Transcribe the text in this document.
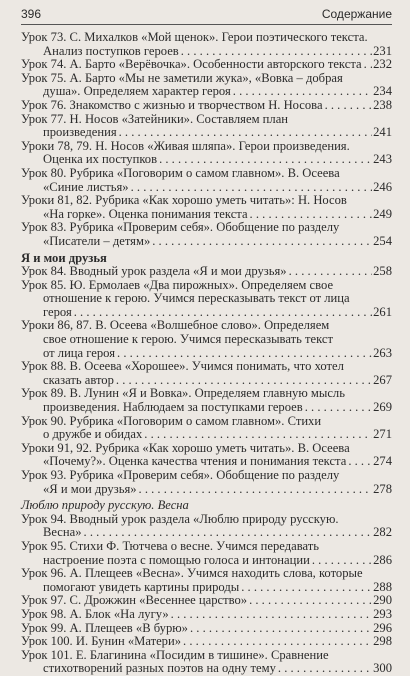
396	Содержание
Урок 73. С. Михалков «Мой щенок». Герои поэтического текста.
Анализ поступков героев . . .	231
Урок 74. А. Барто «Верёвочка». Особенности авторского текста . . . 232
Урок 75. А. Барто «Мы не заметили жука», «Вовка – добрая
душа». Определяем характер героя . . .	234
Урок 76. Знакомство с жизнью и творчеством Н. Носова . . .	238
Урок 77. Н. Носов «Затейники». Составляем план
произведения . . .	241
Уроки 78, 79. Н. Носов «Живая шляпа». Герои произведения.
Оценка их поступков . . .	243
Урок 80. Рубрика «Поговорим о самом главном». В. Осеева
«Синие листья» . . .	246
Уроки 81, 82. Рубрика «Как хорошо уметь читать»: Н. Носов
«На горке». Оценка понимания текста . . .	249
Урок 83. Рубрика «Проверим себя». Обобщение по разделу
«Писатели – детям» . . .	254
Я и мои друзья
Урок 84. Вводный урок раздела «Я и мои друзья» . . .	258
Урок 85. Ю. Ермолаев «Два пирожных». Определяем свое
отношение к герою. Учимся пересказывать текст от лица
героя . . .	261
Уроки 86, 87. В. Осеева «Волшебное слово». Определяем
свое отношение к герою. Учимся пересказывать текст
от лица героя . . .	263
Урок 88. В. Осеева «Хорошее». Учимся понимать, что хотел
сказать автор . . .	267
Урок 89. В. Лунин «Я и Вовка». Определяем главную мысль
произведения. Наблюдаем за поступками героев . . .	269
Урок 90. Рубрика «Поговорим о самом главном». Стихи
о дружбе и обидах . . .	271
Уроки 91, 92. Рубрика «Как хорошо уметь читать». В. Осеева
«Почему?». Оценка качества чтения и понимания текста . . . 274
Урок 93. Рубрика «Проверим себя». Обобщение по разделу
«Я и мои друзья» . . .	278
Люблю природу русскую. Весна
Урок 94. Вводный урок раздела «Люблю природу русскую.
Весна» . . .	282
Урок 95. Стихи Ф. Тютчева о весне. Учимся передавать
настроение поэта с помощью голоса и интонации . . .	286
Урок 96. А. Плещеев «Весна». Учимся находить слова, которые
помогают увидеть картины природы . . .	288
Урок 97. С. Дрожжин «Весеннее царство» . . .	290
Урок 98. А. Блок «На лугу» . . .	293
Урок 99. А. Плещеев «В бурю» . . .	296
Урок 100. И. Бунин «Матери» . . .	298
Урок 101. Е. Благинина «Посидим в тишине». Сравнение
стихотворений разных поэтов на одну тему . . .	300
